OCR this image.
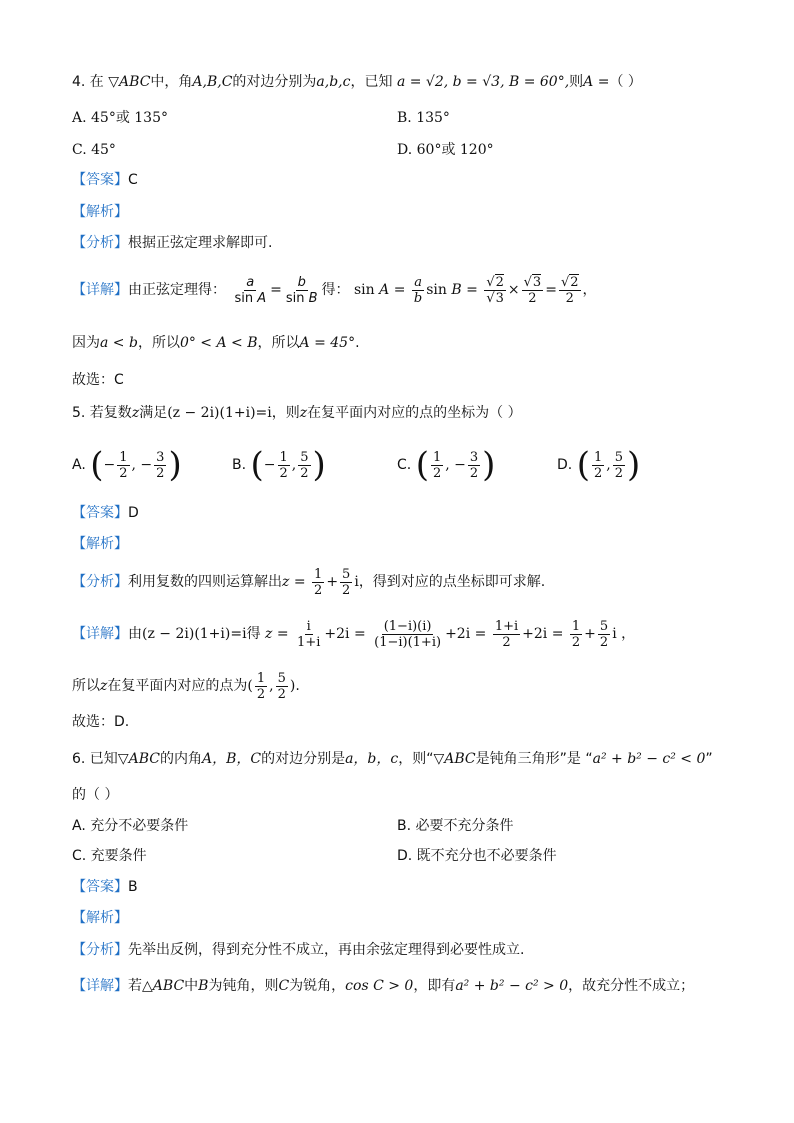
4. 在 ▽ABC中，角A,B,C的对边分别为a,b,c，已知 a = √2, b = √3, B = 60°,则A =（ ）
A. 45°或 135°	B. 135°
C. 45°	D. 60°或 120°
【答案】C
【解析】
【分析】根据正弦定理求解即可.
【详解】由正弦定理得： $\frac{a}{\text{sin A}} = \frac{b}{\text{sin B}}$ 得： $\sin A = \frac{a}{b}$ $\sin B = \frac{√2}{√3} \times \frac{√3}{2} = \frac{√2}{2}$ ，
因为a < b，所以0° < A < B，所以A = 45°.
故选：C
5. 若复数z满足(z − 2i)(1+i)=i，则z在复平面内对应的点的坐标为（ ）
A. (− $\frac{1}{2}$ , − $\frac{3}{2}$ )	B. (− $\frac{1}{2}$ , $\frac{5}{2}$ )	C. ( $\frac{1}{2}$ , − $\frac{3}{2}$ )	D. ( $\frac{1}{2}$ , $\frac{5}{2}$ )
【答案】D
【解析】
【分析】利用复数的四则运算解出$z = \frac{1}{2} + \frac{5}{2}$ i，得到对应的点坐标即可求解.
【详解】由(z − 2i)(1+i)=i得 $z = \frac{i}{1+i} +2i = \frac{(1-i)(i)}{(1-i)(1+i)} +2i = \frac{1+i}{2} +2i = \frac{1}{2} + \frac{5}{2}$ i ，
所以z在复平面内对应的点为( $\frac{1}{2}$ , $\frac{5}{2}$ ).
故选：D.
6. 已知▽ABC的内角A，B，C的对边分别是a，b，c，则“▽ABC是钝角三角形”是 “a² + b² − c² < 0”
的（ ）
A. 充分不必要条件	B. 必要不充分条件
C. 充要条件	D. 既不充分也不必要条件
【答案】B
【解析】
【分析】先举出反例，得到充分性不成立，再由余弦定理得到必要性成立.
【详解】若△ABC中B为钝角，则C为锐角，cos C > 0，即有a² + b² − c² > 0，故充分性不成立；
